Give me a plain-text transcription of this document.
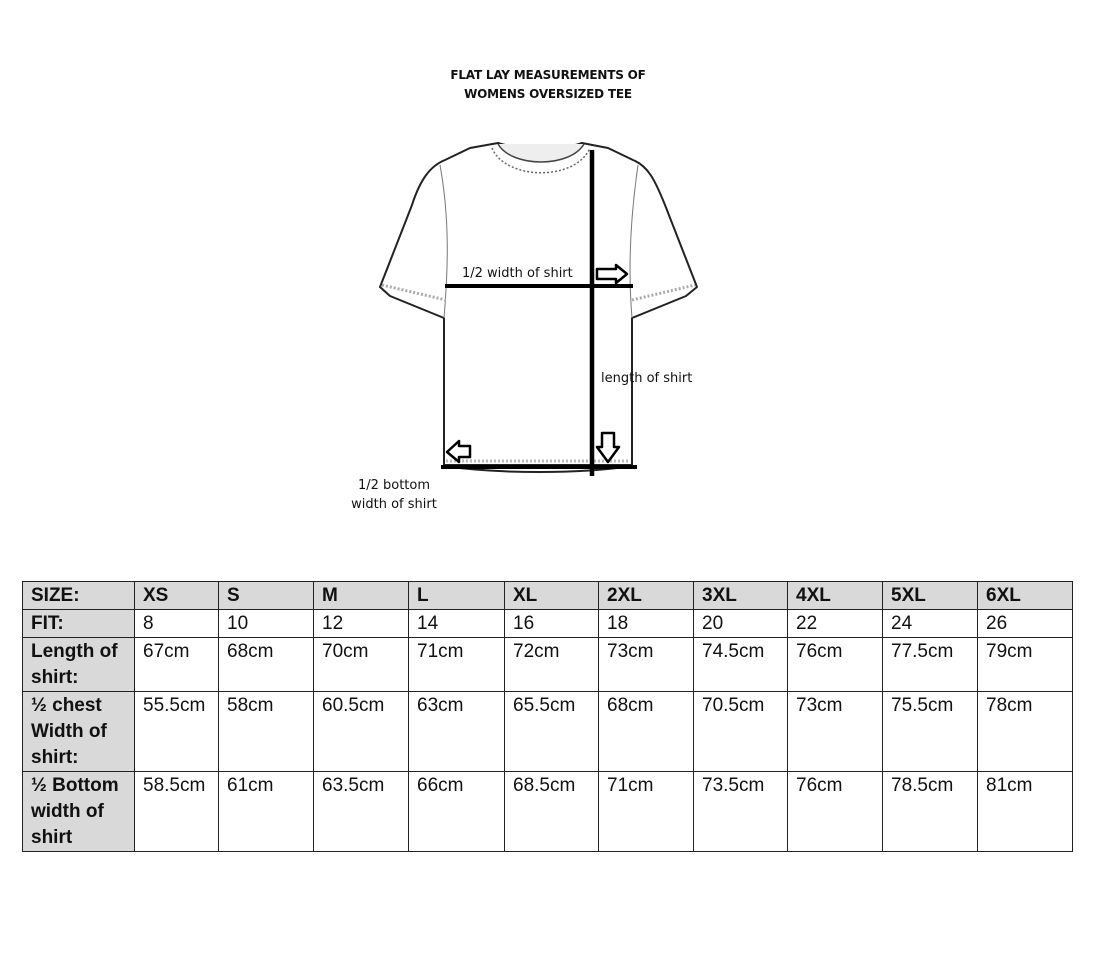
FLAT LAY MEASUREMENTS OF
WOMENS OVERSIZED TEE
1/2 width of shirt
length of shirt
1/2 bottom
width of shirt
SIZE:	XS	S	M	L	XL	2XL	3XL	4XL	5XL	6XL

FIT:	8	10	12	14	16	18	20	22	24	26

Length of
shirt:	67cm	68cm	70cm	71cm	72cm	73cm	74.5cm	76cm	77.5cm	79cm

½ chest
Width of
shirt:	55.5cm	58cm	60.5cm	63cm	65.5cm	68cm	70.5cm	73cm	75.5cm	78cm

½ Bottom
width of
shirt	58.5cm	61cm	63.5cm	66cm	68.5cm	71cm	73.5cm	76cm	78.5cm	81cm
